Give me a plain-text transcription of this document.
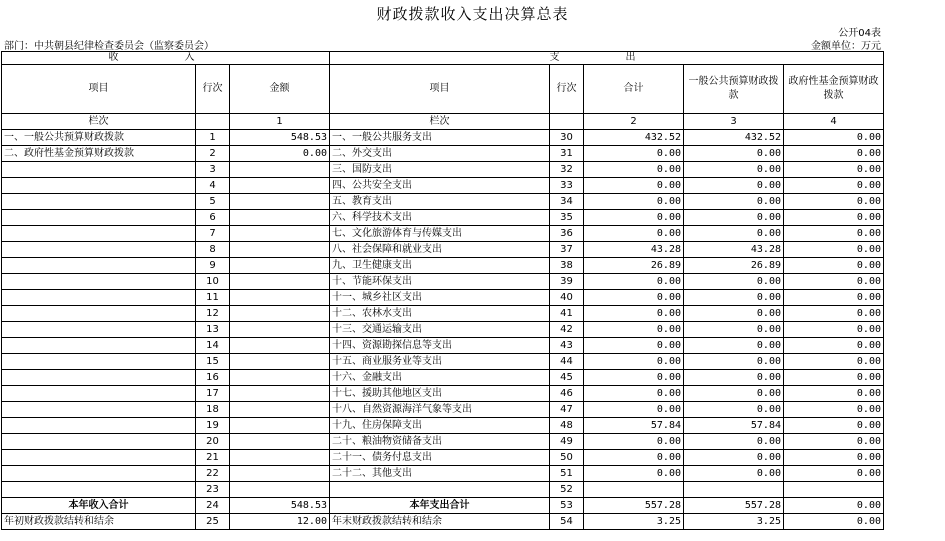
财政拨款收入支出决算总表
公开04表
部门：中共朝县纪律检查委员会（监察委员会）	金额单位：万元
收　入			支　出				
项目	行次	金额	项目	行次	合计	一般公共预算财政拨款	政府性基金预算财政拨款
栏次		1	栏次		2	3	4
一、一般公共预算财政拨款	1	548.53	一、一般公共服务支出	30	432.52	432.52	0.00
二、政府性基金预算财政拨款	2	0.00	二、外交支出	31	0.00	0.00	0.00
	3		三、国防支出	32	0.00	0.00	0.00
	4		四、公共安全支出	33	0.00	0.00	0.00
	5		五、教育支出	34	0.00	0.00	0.00
	6		六、科学技术支出	35	0.00	0.00	0.00
	7		七、文化旅游体育与传媒支出	36	0.00	0.00	0.00
	8		八、社会保障和就业支出	37	43.28	43.28	0.00
	9		九、卫生健康支出	38	26.89	26.89	0.00
	10		十、节能环保支出	39	0.00	0.00	0.00
	11		十一、城乡社区支出	40	0.00	0.00	0.00
	12		十二、农林水支出	41	0.00	0.00	0.00
	13		十三、交通运输支出	42	0.00	0.00	0.00
	14		十四、资源勘探信息等支出	43	0.00	0.00	0.00
	15		十五、商业服务业等支出	44	0.00	0.00	0.00
	16		十六、金融支出	45	0.00	0.00	0.00
	17		十七、援助其他地区支出	46	0.00	0.00	0.00
	18		十八、自然资源海洋气象等支出	47	0.00	0.00	0.00
	19		十九、住房保障支出	48	57.84	57.84	0.00
	20		二十、粮油物资储备支出	49	0.00	0.00	0.00
	21		二十一、债务付息支出	50	0.00	0.00	0.00
	22		二十二、其他支出	51	0.00	0.00	0.00
	23			52			
本年收入合计	24	548.53	本年支出合计	53	557.28	557.28	0.00
年初财政拨款结转和结余	25	12.00	年末财政拨款结转和结余	54	3.25	3.25	0.00
